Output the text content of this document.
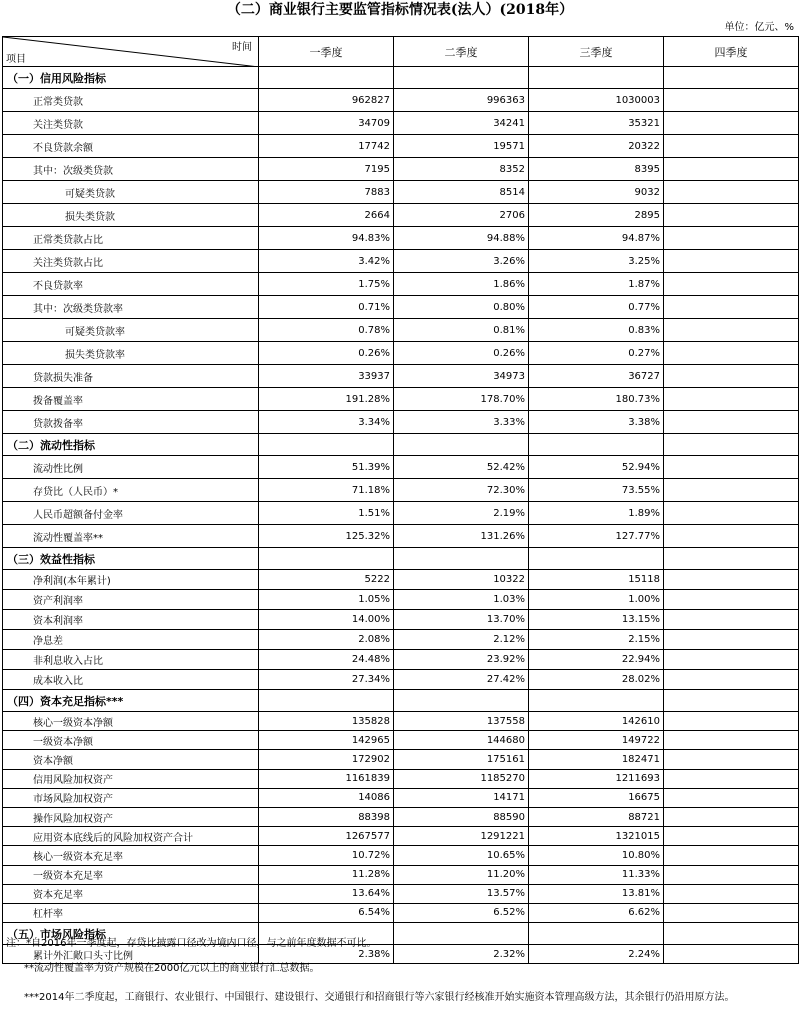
（二）商业银行主要监管指标情况表(法人）(2018年）
单位：亿元、%
时间
项目	一季度	二季度	三季度	四季度
（一）信用风险指标				
正常类贷款	962827	996363	1030003	
关注类贷款	34709	34241	35321	
不良贷款余额	17742	19571	20322	
其中：次级类贷款	7195	8352	8395	
可疑类贷款	7883	8514	9032	
损失类贷款	2664	2706	2895	
正常类贷款占比	94.83%	94.88%	94.87%	
关注类贷款占比	3.42%	3.26%	3.25%	
不良贷款率	1.75%	1.86%	1.87%	
其中：次级类贷款率	0.71%	0.80%	0.77%	
可疑类贷款率	0.78%	0.81%	0.83%	
损失类贷款率	0.26%	0.26%	0.27%	
贷款损失准备	33937	34973	36727	
拨备覆盖率	191.28%	178.70%	180.73%	
贷款拨备率	3.34%	3.33%	3.38%	
（二）流动性指标				
流动性比例	51.39%	52.42%	52.94%	
存贷比（人民币）*	71.18%	72.30%	73.55%	
人民币超额备付金率	1.51%	2.19%	1.89%	
流动性覆盖率**	125.32%	131.26%	127.77%	
（三）效益性指标				
净利润(本年累计)	5222	10322	15118	
资产利润率	1.05%	1.03%	1.00%	
资本利润率	14.00%	13.70%	13.15%	
净息差	2.08%	2.12%	2.15%	
非利息收入占比	24.48%	23.92%	22.94%	
成本收入比	27.34%	27.42%	28.02%	
（四）资本充足指标***				
核心一级资本净额	135828	137558	142610	
一级资本净额	142965	144680	149722	
资本净额	172902	175161	182471	
信用风险加权资产	1161839	1185270	1211693	
市场风险加权资产	14086	14171	16675	
操作风险加权资产	88398	88590	88721	
应用资本底线后的风险加权资产合计	1267577	1291221	1321015	
核心一级资本充足率	10.72%	10.65%	10.80%	
一级资本充足率	11.28%	11.20%	11.33%	
资本充足率	13.64%	13.57%	13.81%	
杠杆率	6.54%	6.52%	6.62%	
（五）市场风险指标				
累计外汇敞口头寸比例	2.38%	2.32%	2.24%	
注：*自2016年一季度起，存贷比披露口径改为境内口径，与之前年度数据不可比。
**流动性覆盖率为资产规模在2000亿元以上的商业银行汇总数据。
***2014年二季度起，工商银行、农业银行、中国银行、建设银行、交通银行和招商银行等六家银行经核准开始实施资本管理高级方法，其余银行仍沿用原方法。
